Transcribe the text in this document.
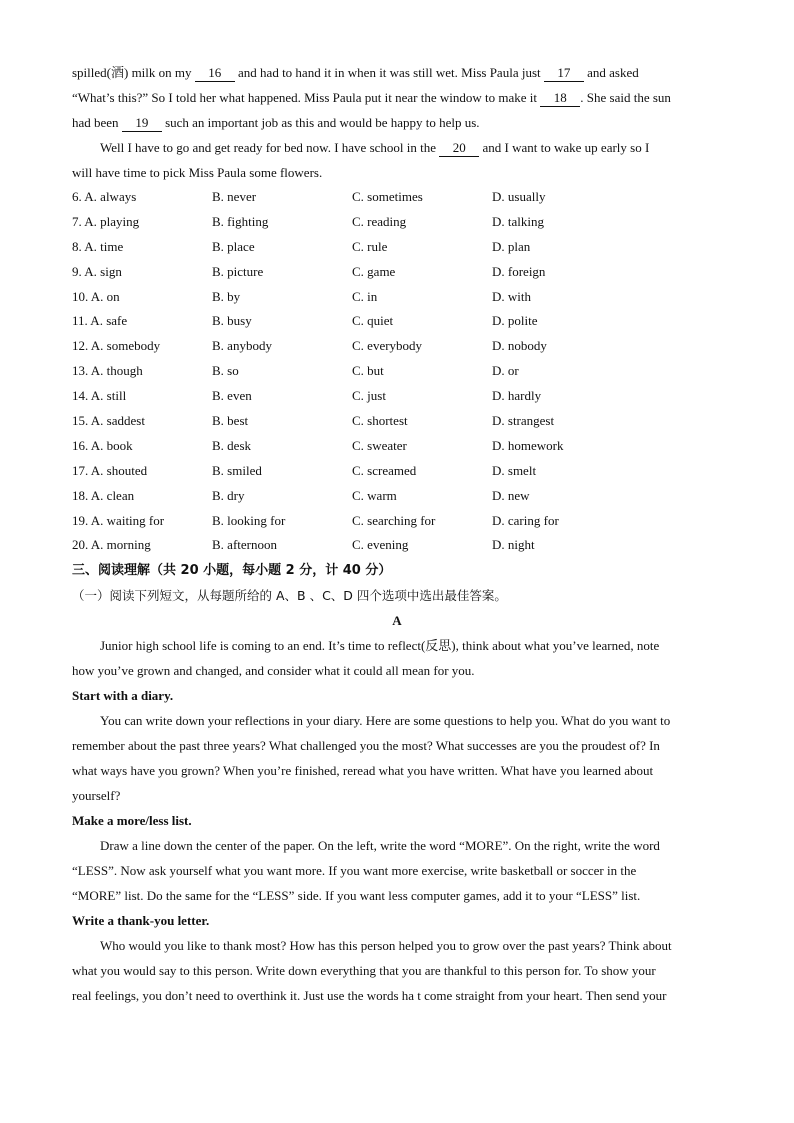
spilled(酒) milk on my 16 and had to hand it in when it was still wet. Miss Paula just 17 and asked
“What’s this?” So I told her what happened. Miss Paula put it near the window to make it 18 . She said the sun
had been 19 such an important job as this and would be happy to help us.
Well I have to go and get ready for bed now. I have school in the 20 and I want to wake up early so I
will have time to pick Miss Paula some flowers.
6. A. always	B. never	C. sometimes	D. usually
7. A. playing	B. fighting	C. reading	D. talking
8. A. time	B. place	C. rule	D. plan
9. A. sign	B. picture	C. game	D. foreign
10. A. on	B. by	C. in	D. with
11. A. safe	B. busy	C. quiet	D. polite
12. A. somebody	B. anybody	C. everybody	D. nobody
13. A. though	B. so	C. but	D. or
14. A. still	B. even	C. just	D. hardly
15. A. saddest	B. best	C. shortest	D. strangest
16. A. book	B. desk	C. sweater	D. homework
17. A. shouted	B. smiled	C. screamed	D. smelt
18. A. clean	B. dry	C. warm	D. new
19. A. waiting for	B. looking for	C. searching for	D. caring for
20. A. morning	B. afternoon	C. evening	D. night
三、阅读理解（共 20 小题，每小题 2 分，计 40 分）
（一）阅读下列短文，从每题所给的 A、B 、C、D 四个选项中选出最佳答案。
A
Junior high school life is coming to an end. It’s time to reflect(反思), think about what you’ve learned, note
how you’ve grown and changed, and consider what it could all mean for you.
Start with a diary.
You can write down your reflections in your diary. Here are some questions to help you. What do you want to
remember about the past three years? What challenged you the most? What successes are you the proudest of? In
what ways have you grown? When you’re finished, reread what you have written. What have you learned about
yourself?
Make a more/less list.
Draw a line down the center of the paper. On the left, write the word “MORE”. On the right, write the word
“LESS”. Now ask yourself what you want more. If you want more exercise, write basketball or soccer in the
“MORE” list. Do the same for the “LESS” side. If you want less computer games, add it to your “LESS” list.
Write a thank-you letter.
Who would you like to thank most? How has this person helped you to grow over the past years? Think about
what you would say to this person. Write down everything that you are thankful to this person for. To show your
real feelings, you don’t need to overthink it. Just use the words ha t come straight from your heart. Then send your
